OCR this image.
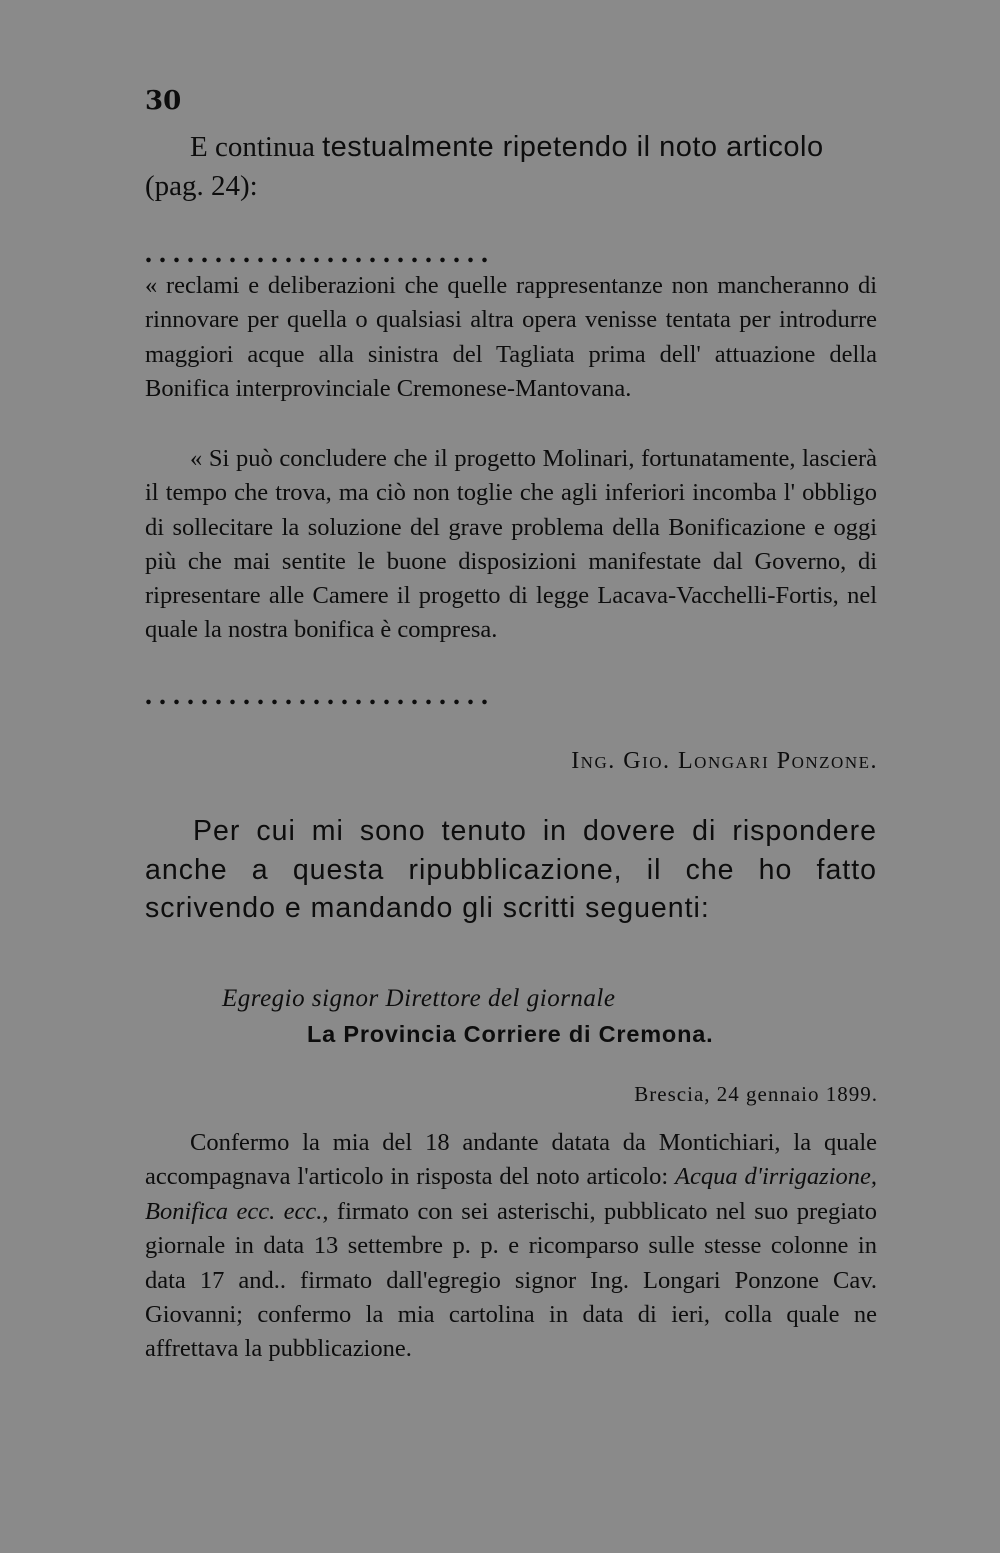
30

E continua testualmente ripetendo il noto articolo (pag. 24):

. . . . . . . . . . . . . . . . . . . . . . . . .

« reclami e deliberazioni che quelle rappresentanze non mancheranno di rinnovare per quella o qualsiasi altra opera venisse tentata per introdurre maggiori acque alla sinistra del Tagliata prima dell' attuazione della Bonifica interprovinciale Cremonese-Mantovana.

« Si può concludere che il progetto Molinari, fortunatamente, lascierà il tempo che trova, ma ciò non toglie che agli inferiori incomba l' obbligo di sollecitare la soluzione del grave problema della Bonificazione e oggi più che mai sentite le buone disposizioni manifestate dal Governo, di ripresentare alle Camere il progetto di legge Lacava-Vacchelli-Fortis, nel quale la nostra bonifica è compresa.

. . . . . . . . . . . . . . . . . . . . . . . . .

Ing. Gio. Longari Ponzone.

Per cui mi sono tenuto in dovere di rispondere anche a questa ripubblicazione, il che ho fatto scrivendo e mandando gli scritti seguenti:

Egregio signor Direttore del giornale

La Provincia Corriere di Cremona.

Brescia, 24 gennaio 1899.

Confermo la mia del 18 andante datata da Montichiari, la quale accompagnava l'articolo in risposta del noto articolo: Acqua d'irrigazione, Bonifica ecc. ecc., firmato con sei asterischi, pubblicato nel suo pregiato giornale in data 13 settembre p. p. e ricomparso sulle stesse colonne in data 17 and.. firmato dall'egregio signor Ing. Longari Ponzone Cav. Giovanni; confermo la mia cartolina in data di ieri, colla quale ne affrettava la pubblicazione.
